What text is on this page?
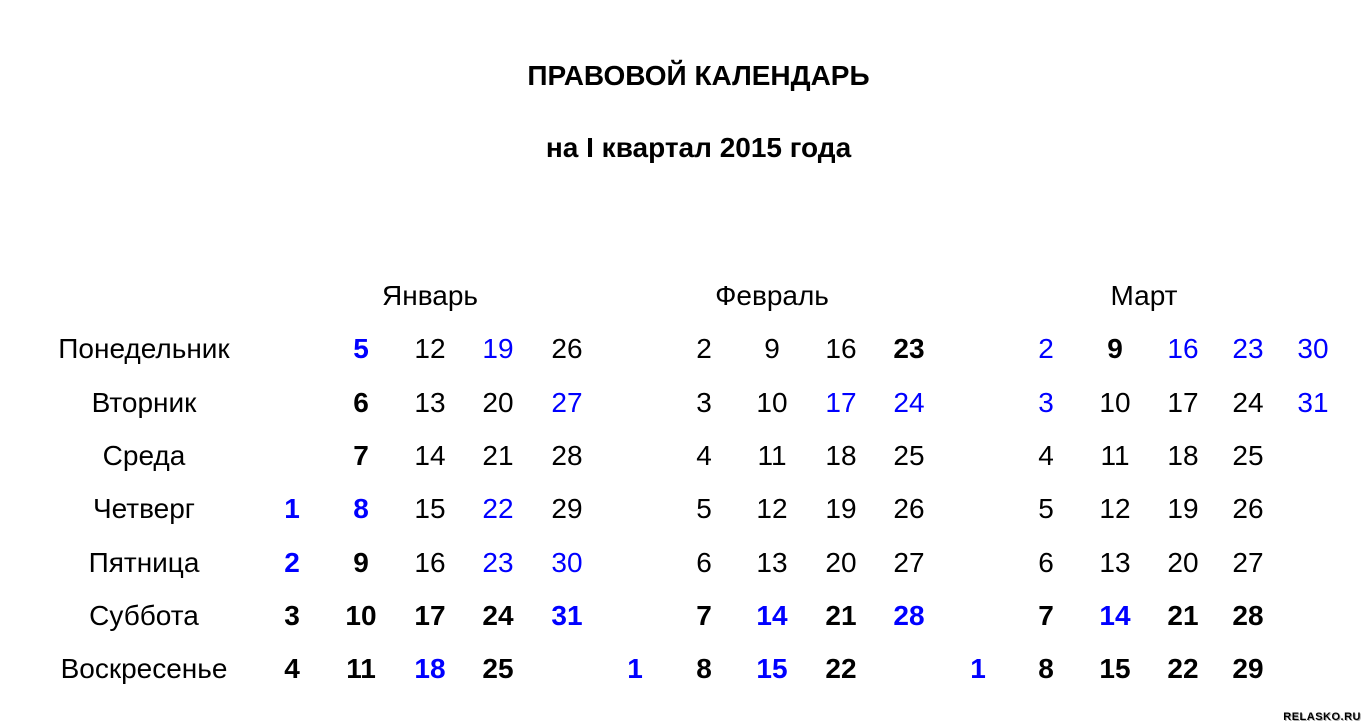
ПРАВОВОЙ КАЛЕНДАРЬ
на I квартал 2015 года
Январь	Февраль	Март
Понедельник
Вторник
Среда
Четверг
Пятница
Суббота
Воскресенье
1
2
3
4
5
6
7
8
9
10
11
12
13
14
15
16
17
18
19
20
21
22
23
24
25
26
27
28
29
30
31
1
2
3
4
5
6
7
8
9
10
11
12
13
14
15
16
17
18
19
20
21
22
23
24
25
26
27
28
1
2
3
4
5
6
7
8
9
10
11
12
13
14
15
16
17
18
19
20
21
22
23
24
25
26
27
28
29
30
31
RELASKO.RU
